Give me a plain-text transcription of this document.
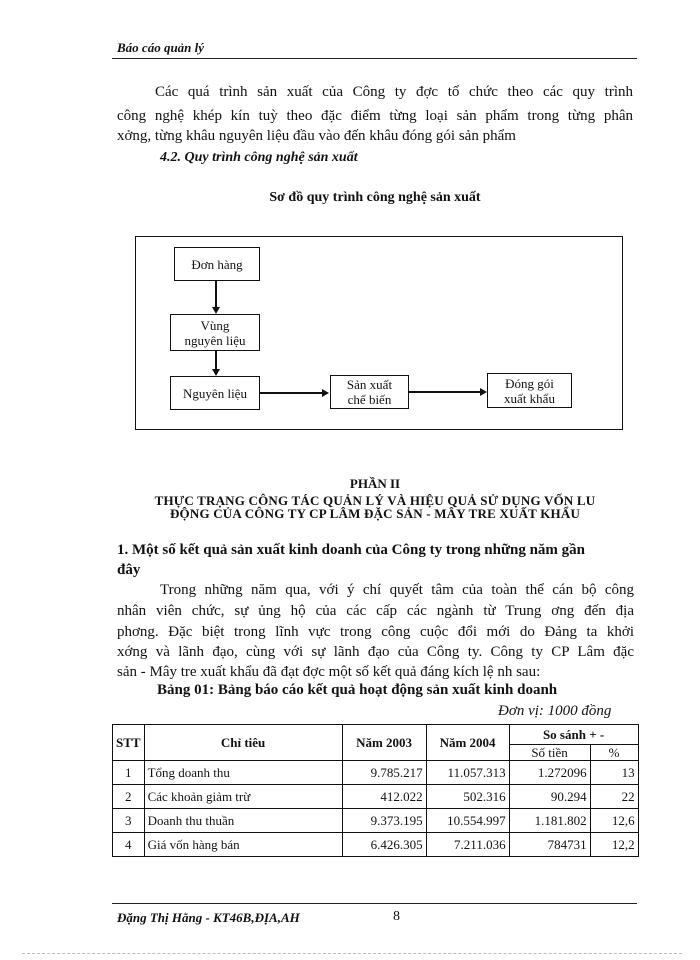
Báo cáo quản lý
Các quá trình sản xuất của Công ty đợc tổ chức theo các quy trình
công nghệ khép kín tuỳ theo đặc điểm từng loại sản phẩm trong từng phân
xởng, từng khâu nguyên liệu đầu vào đến khâu đóng gói sản phẩm
4.2. Quy trình công nghệ sản xuất
Sơ đồ quy trình công nghệ sản xuất
Đơn hàng
Vùng
nguyên liệu
Nguyên liệu
Sản xuất
chế biến
Đóng gói
xuất khẩu
PHẦN II
THỰC TRẠNG CÔNG TÁC QUẢN LÝ VÀ HIỆU QUẢ SỬ DỤNG VỐN LU
ĐỘNG CỦA CÔNG TY CP LÂM ĐẶC SẢN - MÂY TRE XUẤT KHẨU
1. Một số kết quả sản xuất kinh doanh của Công ty trong những năm gần
đây
Trong những năm qua, với ý chí quyết tâm của toàn thể cán bộ công
nhân viên chức, sự ủng hộ của các cấp các ngành từ Trung ơng đến địa
phơng. Đặc biệt trong lĩnh vực trong công cuộc đổi mới do Đảng ta khởi
xớng và lãnh đạo, cùng với sự lãnh đạo của Công ty. Công ty CP Lâm đặc
sản - Mây tre xuất khẩu đã đạt đợc một số kết quả đáng kích lệ nh sau:
Bảng 01: Bảng báo cáo kết quả hoạt động sản xuất kinh doanh
Đơn vị: 1000 đồng
STT	Chỉ tiêu	Năm 2003	Năm 2004	So sánh + -	
				Số tiền	%
1	Tổng doanh thu	9.785.217	11.057.313	1.272096	13
2	Các khoản giảm trừ	412.022	502.316	90.294	22
3	Doanh thu thuần	9.373.195	10.554.997	1.181.802	12,6
4	Giá vốn hàng bán	6.426.305	7.211.036	784731	12,2
Đặng Thị Hằng - KT46B,ĐỊA,AH	8
